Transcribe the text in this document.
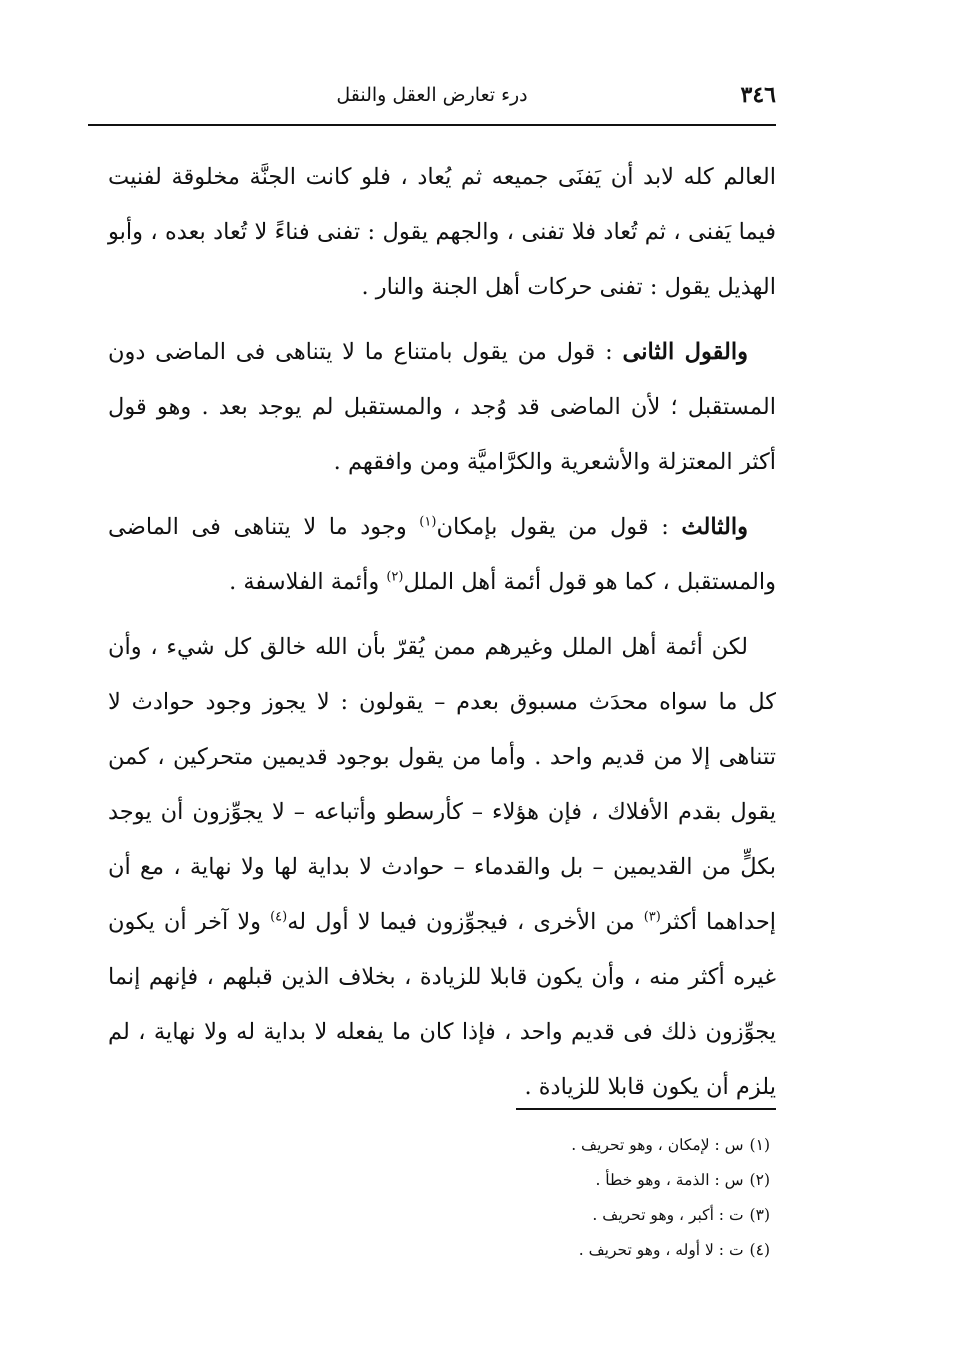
٣٤٦
درء تعارض العقل والنقل

العالم كله لابد أن يَفنَى جميعه ثم يُعاد ، فلو كانت الجنَّة مخلوقة لفنيت فيما يَفنى ، ثم تُعاد فلا تفنى ، والجهم يقول : تفنى فناءً لا تُعاد بعده ، وأبو الهذيل يقول : تفنى حركات أهل الجنة والنار .

والقول الثانى : قول من يقول بامتناع ما لا يتناهى فى الماضى دون المستقبل ؛ لأن الماضى قد وُجد ، والمستقبل لم يوجد بعد . وهو قول أكثر المعتزلة والأشعرية والكرَّاميَّة ومن وافقهم .

والثالث : قول من يقول بإمكان$^{(١)}$ وجود ما لا يتناهى فى الماضى والمستقبل ، كما هو قول أئمة أهل الملل$^{(٢)}$ وأئمة الفلاسفة .

لكن أئمة أهل الملل وغيرهم ممن يُقرّ بأن الله خالق كل شيء ، وأن كل ما سواه محدَث مسبوق بعدم – يقولون : لا يجوز وجود حوادث لا تتناهى إلا من قديم واحد . وأما من يقول بوجود قديمين متحركين ، كمن يقول بقدم الأفلاك ، فإن هؤلاء – كأرسطو وأتباعه – لا يجوِّزون أن يوجد بكلٍّ من القديمين – بل والقدماء – حوادث لا بداية لها ولا نهاية ، مع أن إحداهما أكثر$^{(٣)}$ من الأخرى ، فيجوِّزون فيما لا أول له$^{(٤)}$ ولا آخر أن يكون غيره أكثر منه ، وأن يكون قابلا للزيادة ، بخلاف الذين قبلهم ، فإنهم إنما يجوِّزون ذلك فى قديم واحد ، فإذا كان ما يفعله لا بداية له ولا نهاية ، لم يلزم أن يكون قابلا للزيادة .

(١)س : لإمكان ، وهو تحريف .
(٢)س : الذمة ، وهو خطأ .
(٣)ت : أكبر ، وهو تحريف .
(٤)ت : لا أوله ، وهو تحريف .
